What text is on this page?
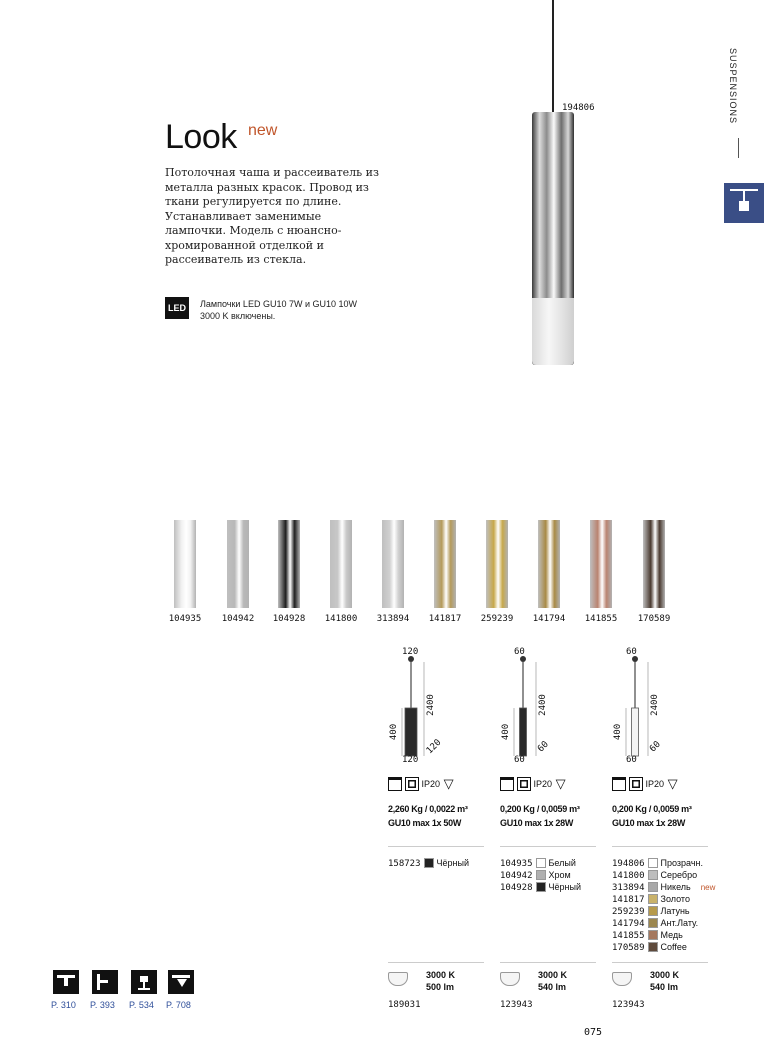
SUSPENSIONS
Look new
Потолочная чаша и рассеиватель из металла разных красок. Провод из ткани регулируется по длине. Устанавливает заменимые лампочки. Модель с нюансно-хромированной отделкой и рассеиватель из стекла.
LED	Лампочки LED GU10 7W и GU10 10W 3000 K включены.
194806
104935	104942	104928	141800	313894	141817	259239	141794	141855	170589
120
400
2400
120
120
IP20 ▽
2,260 Kg / 0,0022 m³
GU10 max 1x 50W
158723 Чёрный
3000 K
500 lm
189031
60
400
2400
60
60
IP20 ▽
0,200 Kg / 0,0059 m³
GU10 max 1x 28W
104935 Белый
104942 Хром
104928 Чёрный
3000 K
540 lm
123943
60
400
2400
60
60
IP20 ▽
0,200 Kg / 0,0059 m³
GU10 max 1x 28W
194806 Прозрачн.
141800 Серебро
313894 Никель new
141817 Золото
259239 Латунь
141794 Ант.Лату.
141855 Медь
170589 Coffee
3000 K
540 lm
123943
P. 310 P. 393 P. 534 P. 708
075
